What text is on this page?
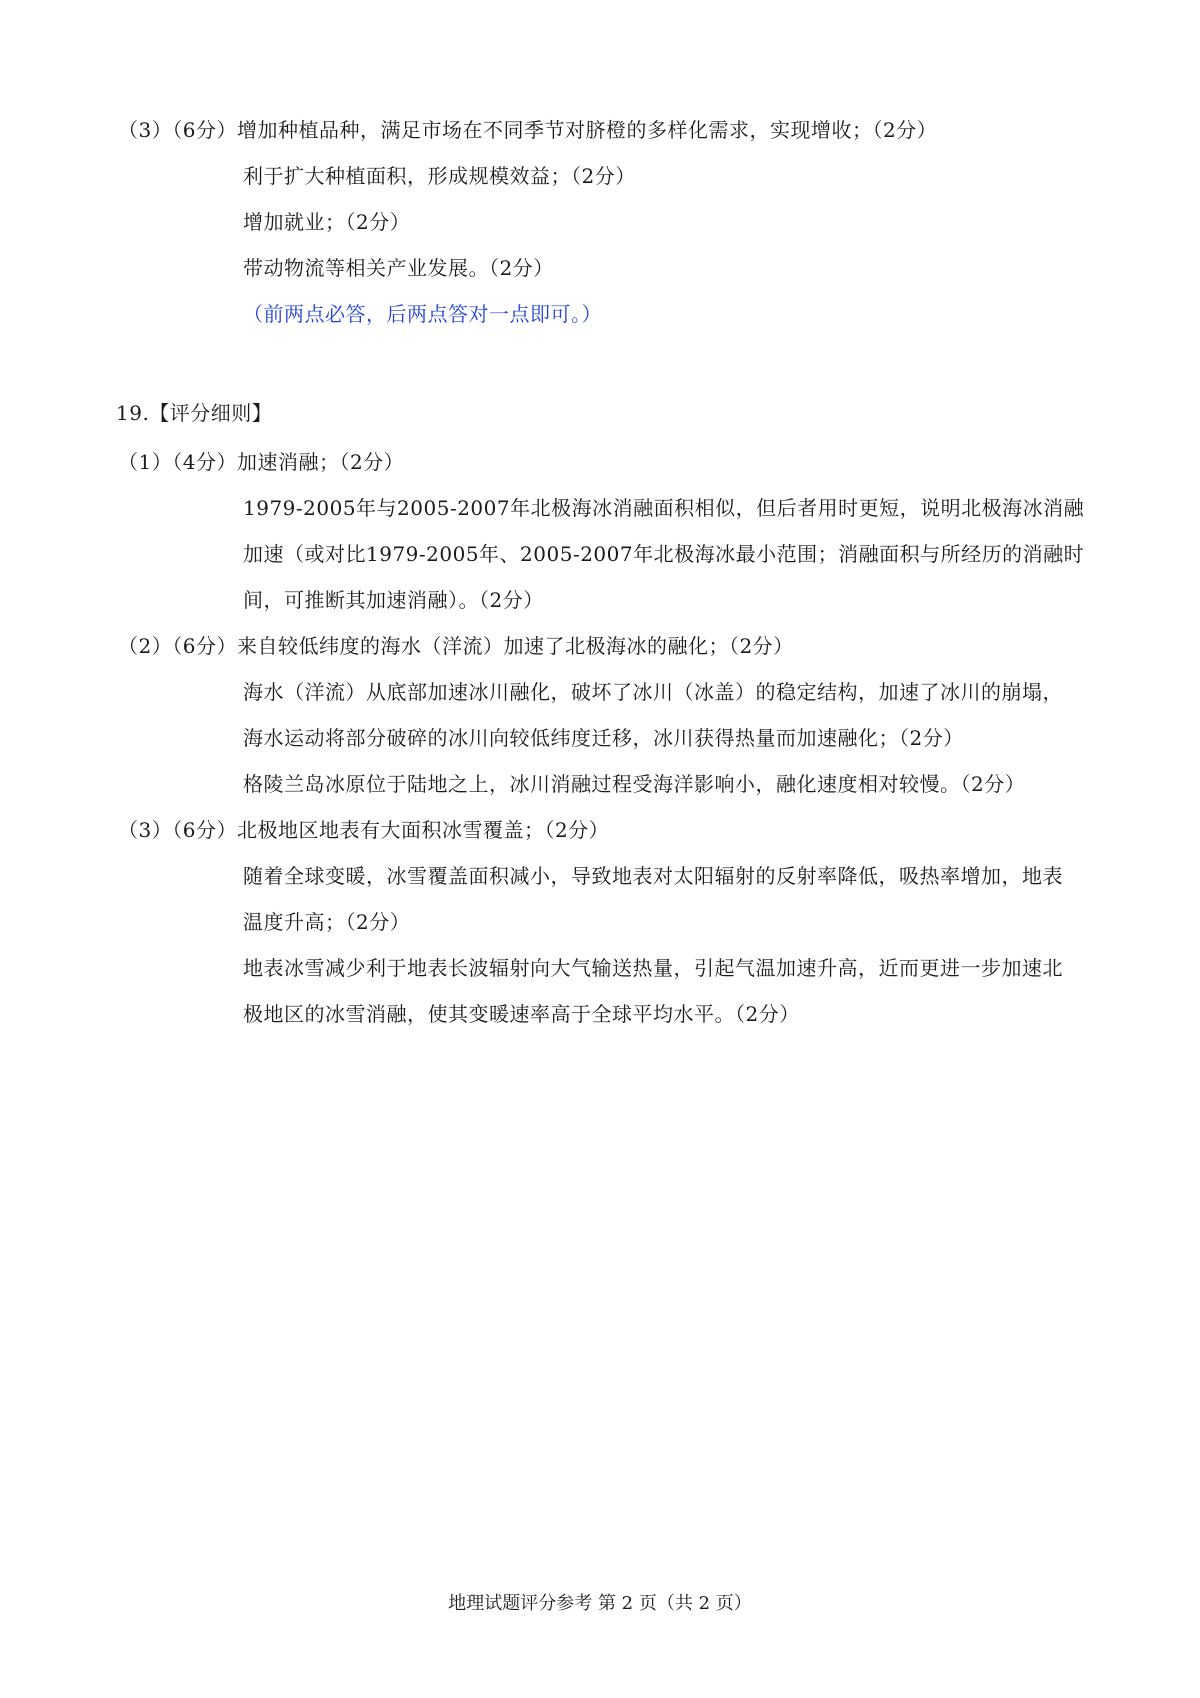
（3）（6分）增加种植品种，满足市场在不同季节对脐橙的多样化需求，实现增收；（2分）
利于扩大种植面积，形成规模效益；（2分）
增加就业；（2分）
带动物流等相关产业发展。（2分）
（前两点必答，后两点答对一点即可。）
19.【评分细则】
（1）（4分）加速消融；（2分）
1979-2005年与2005-2007年北极海冰消融面积相似，但后者用时更短，说明北极海冰消融
加速（或对比1979-2005年、2005-2007年北极海冰最小范围；消融面积与所经历的消融时
间，可推断其加速消融）。（2分）
（2）（6分）来自较低纬度的海水（洋流）加速了北极海冰的融化；（2分）
海水（洋流）从底部加速冰川融化，破坏了冰川（冰盖）的稳定结构，加速了冰川的崩塌，
海水运动将部分破碎的冰川向较低纬度迁移，冰川获得热量而加速融化；（2分）
格陵兰岛冰原位于陆地之上，冰川消融过程受海洋影响小，融化速度相对较慢。（2分）
（3）（6分）北极地区地表有大面积冰雪覆盖；（2分）
随着全球变暖，冰雪覆盖面积减小，导致地表对太阳辐射的反射率降低，吸热率增加，地表
温度升高；（2分）
地表冰雪减少利于地表长波辐射向大气输送热量，引起气温加速升高，近而更进一步加速北
极地区的冰雪消融，使其变暖速率高于全球平均水平。（2分）
地理试题评分参考 第 2 页（共 2 页）
